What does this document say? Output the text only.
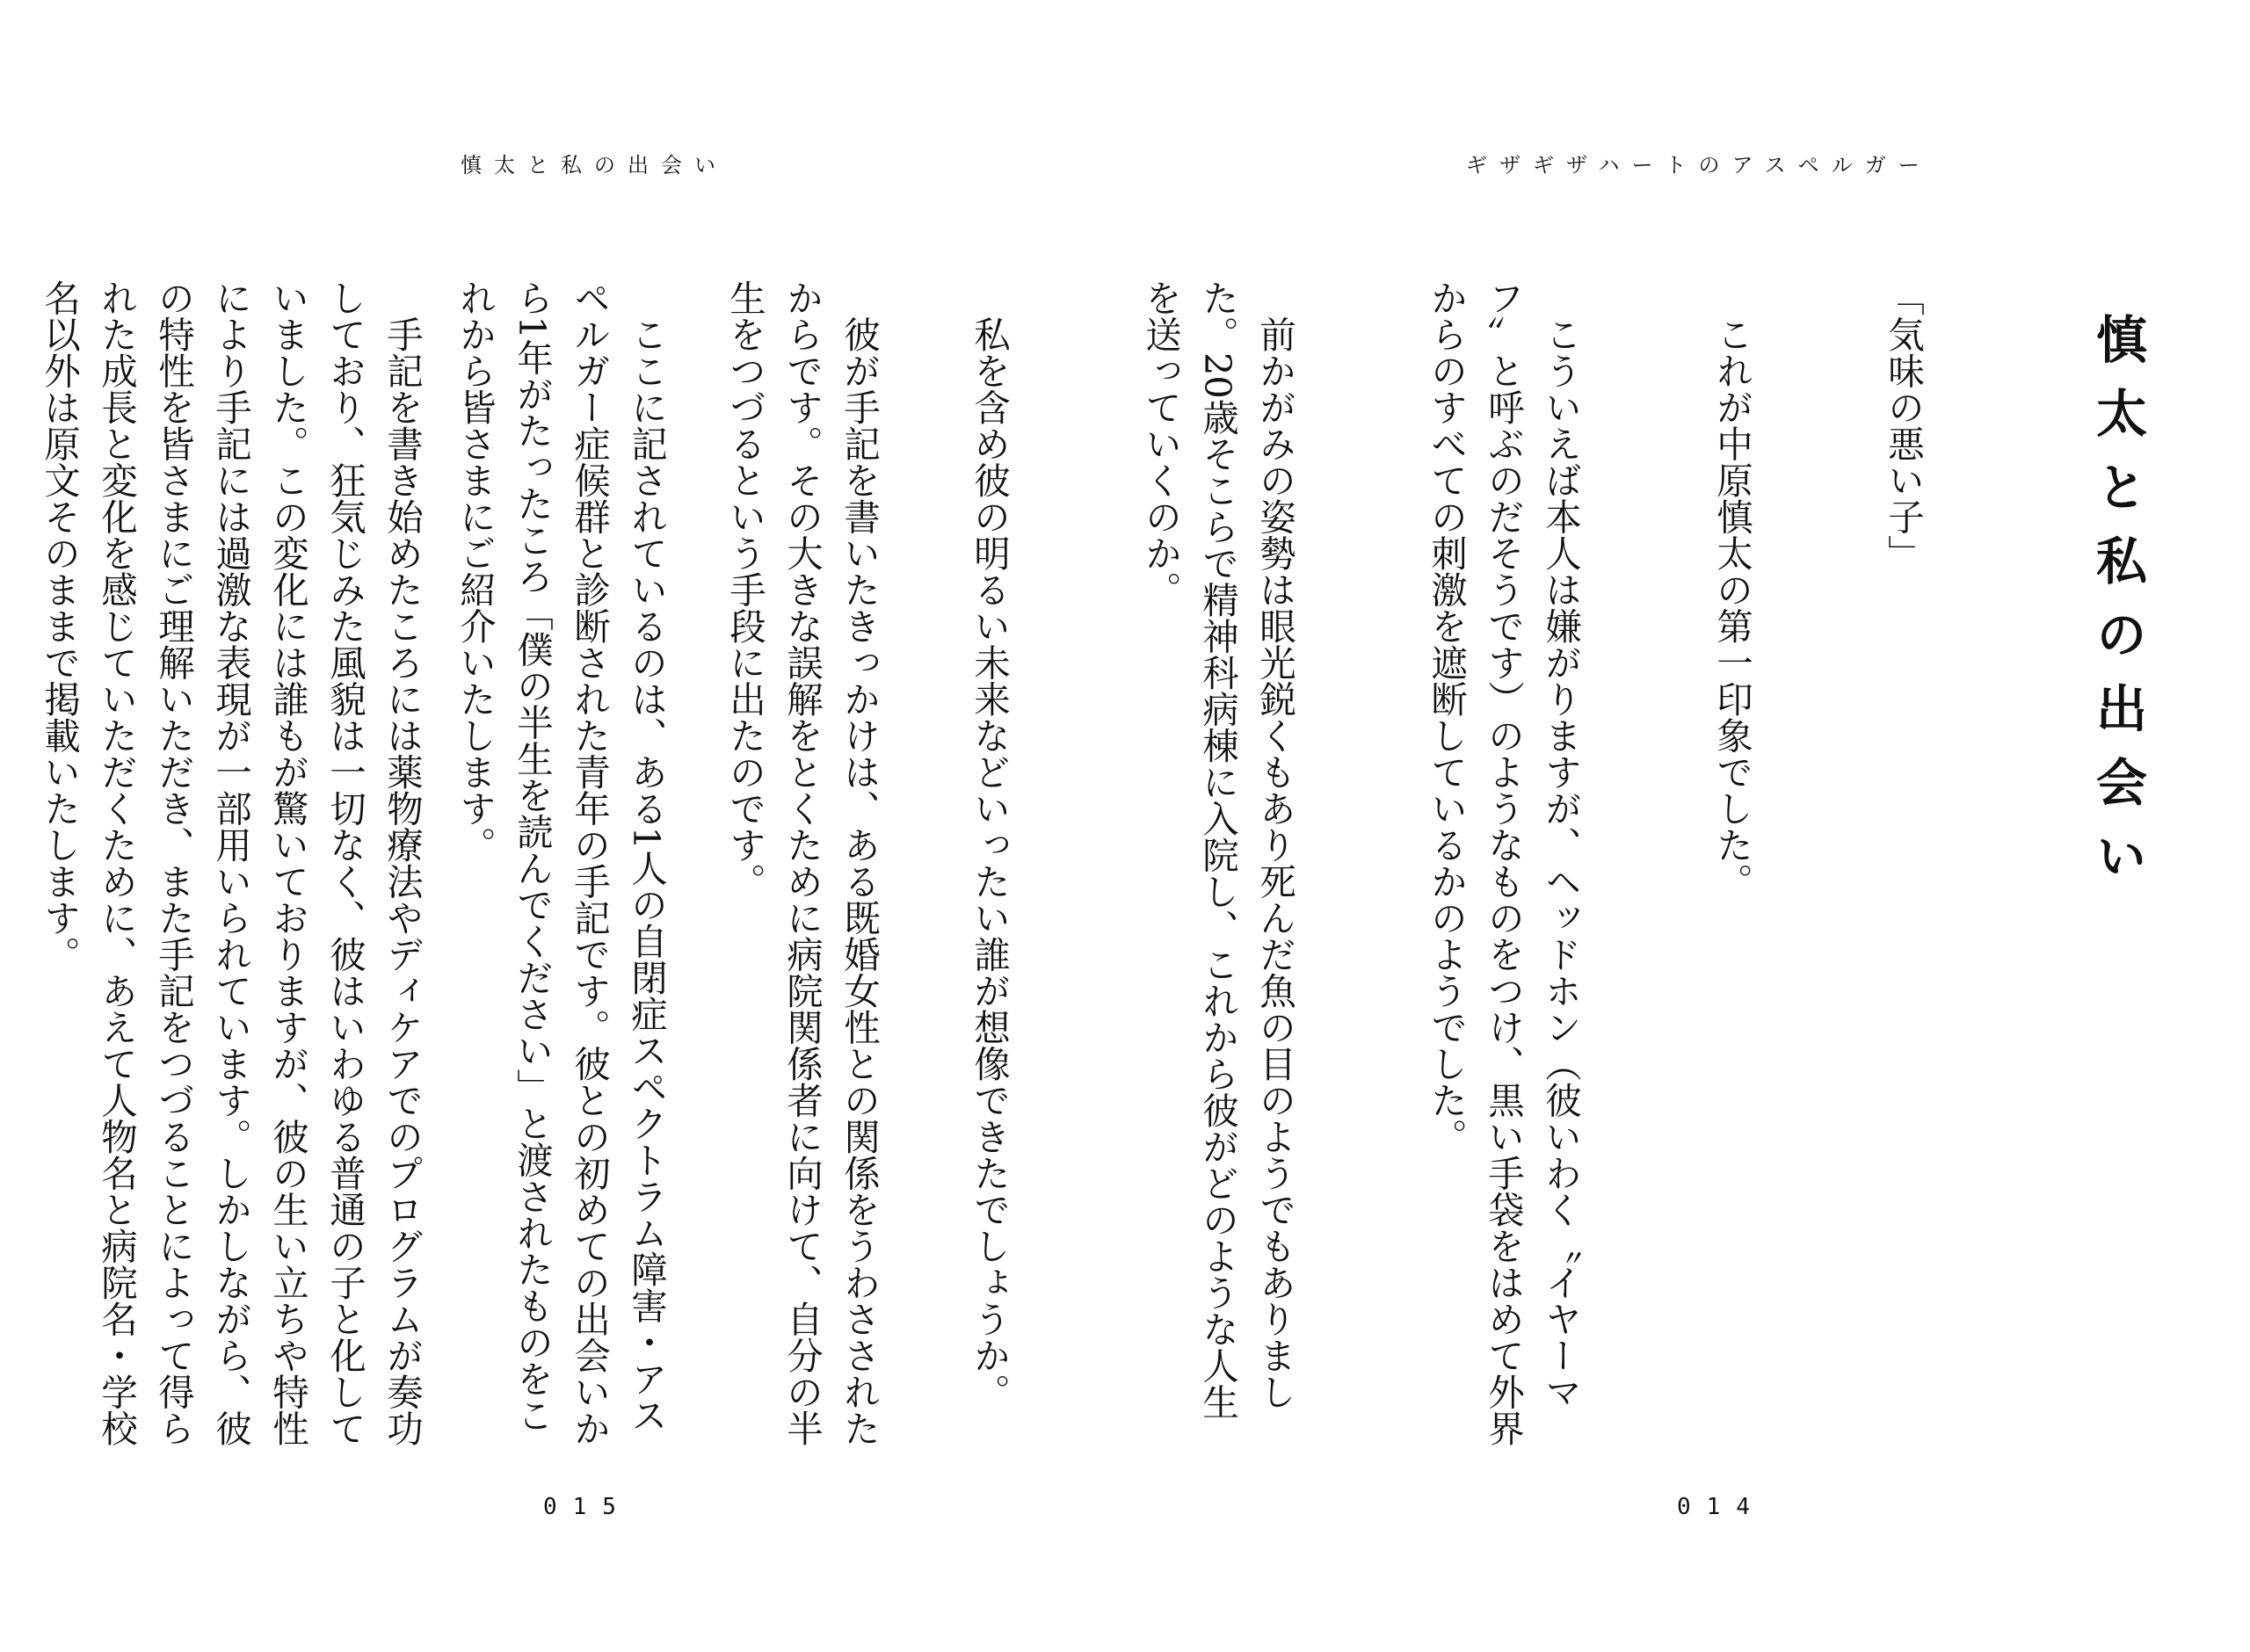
慎太と私の出会い

　彼が手記を書いたきっかけは、ある既婚女性との関係をうわさされたからです。その大きな誤解をとくために病院関係者に向けて、自分の半生をつづるという手段に出たのです。

　手記を書き始めたころには薬物療法やディケアでのプログラムが奏功しており、狂気じみた風貌は一切なく、彼はいわゆる普通の子と化していました。この変化には誰もが驚いておりますが、彼の生い立ちや特性により手記には過激な表現が一部用いられています。しかしながら、彼の特性を皆さまにご理解いただき、また手記をつづることによって得られた成長と変化を感じていただくために、あえて人物名と病院名・学校名以外は原文そのままで掲載いたします。

015
ギザギザハートのアスペルガー
慎太と私の出会い

「気味の悪い子」

　これが中原慎太の第一印象でした。

　こういえば本人は嫌がりますが、ヘッドホン（彼いわく〝イヤーマフ〟と呼ぶのだそうです）のようなものをつけ、黒い手袋をはめて外界からのすべての刺激を遮断しているかのようでした。

　前かがみの姿勢は眼光鋭くもあり死んだ魚の目のようでもありました。20歳そこらで精神科病棟に入院し、これから彼がどのような人生を送っていくのか。

　私を含め彼の明るい未来などいったい誰が想像できたでしょうか。

　ここに記されているのは、ある1人の自閉症スペクトラム障害・アスペルガー症候群と診断された青年の手記です。彼との初めての出会いから1年がたったころ「僕の半生を読んでください」と渡されたものをこれから皆さまにご紹介いたします。

014
